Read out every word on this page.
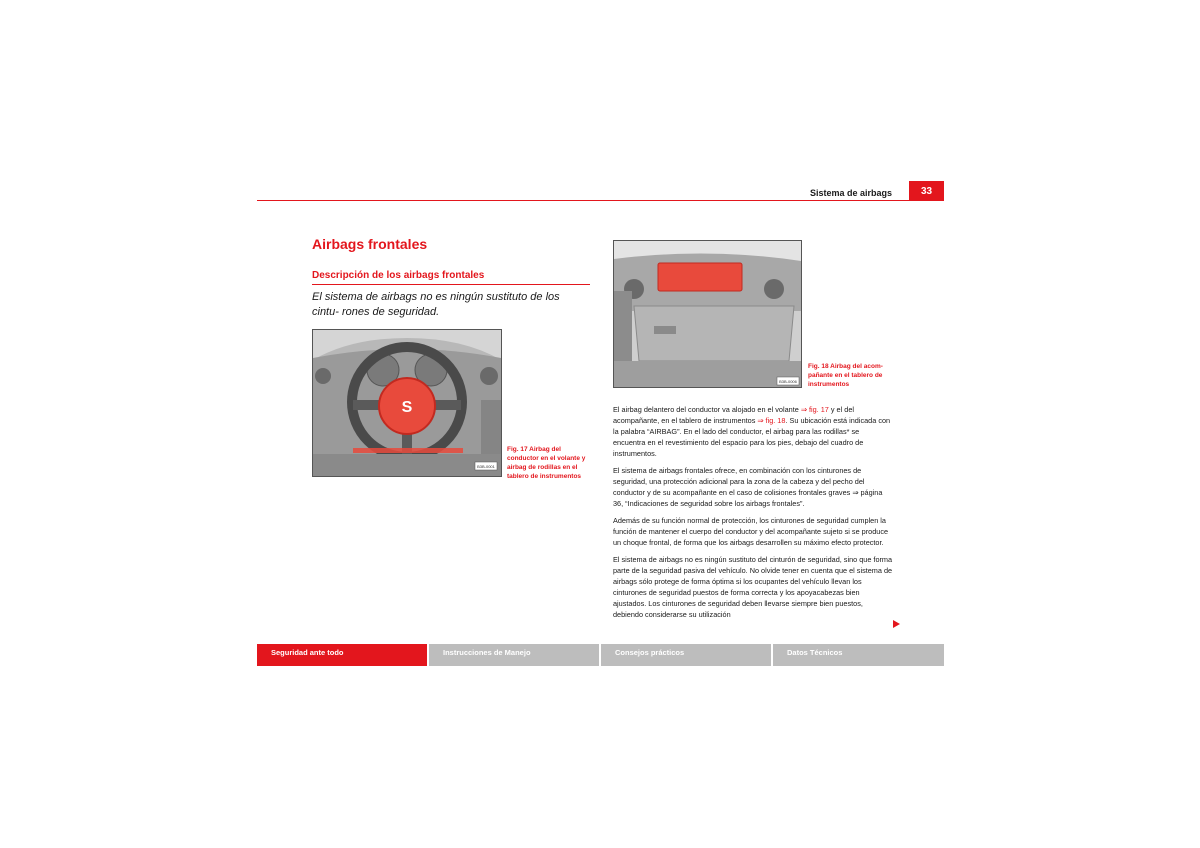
Sistema de airbags	33
Airbags frontales
Descripción de los airbags frontales
El sistema de airbags no es ningún sustituto de los cintu- rones de seguridad.
S
B3B-0001
Fig. 17 Airbag del conductor en el volante y airbag de rodillas en el tablero de instrumentos
B3B-0006
Fig. 18 Airbag del acom- pañante en el tablero de instrumentos

El airbag delantero del conductor va alojado en el volante ⇒ fig. 17 y el del acompañante, en el tablero de instrumentos ⇒ fig. 18. Su ubicación está indicada con la palabra “AIRBAG”. En el lado del conductor, el airbag para las rodillas* se encuentra en el revestimiento del espacio para los pies, debajo del cuadro de instrumentos.

El sistema de airbags frontales ofrece, en combinación con los cinturones de seguridad, una protección adicional para la zona de la cabeza y del pecho del conductor y de su acompañante en el caso de colisiones frontales graves ⇒ página 36, “Indicaciones de seguridad sobre los airbags frontales”.

Además de su función normal de protección, los cinturones de seguridad cumplen la función de mantener el cuerpo del conductor y del acompañante sujeto si se produce un choque frontal, de forma que los airbags desarrollen su máximo efecto protector.

El sistema de airbags no es ningún sustituto del cinturón de seguridad, sino que forma parte de la seguridad pasiva del vehículo. No olvide tener en cuenta que el sistema de airbags sólo protege de forma óptima si los ocupantes del vehículo llevan los cinturones de seguridad puestos de forma correcta y los apoyacabezas bien ajustados. Los cinturones de seguridad deben llevarse siempre bien puestos, debiendo considerarse su utilización

Seguridad ante todo	Instrucciones de Manejo	Consejos prácticos	Datos Técnicos
